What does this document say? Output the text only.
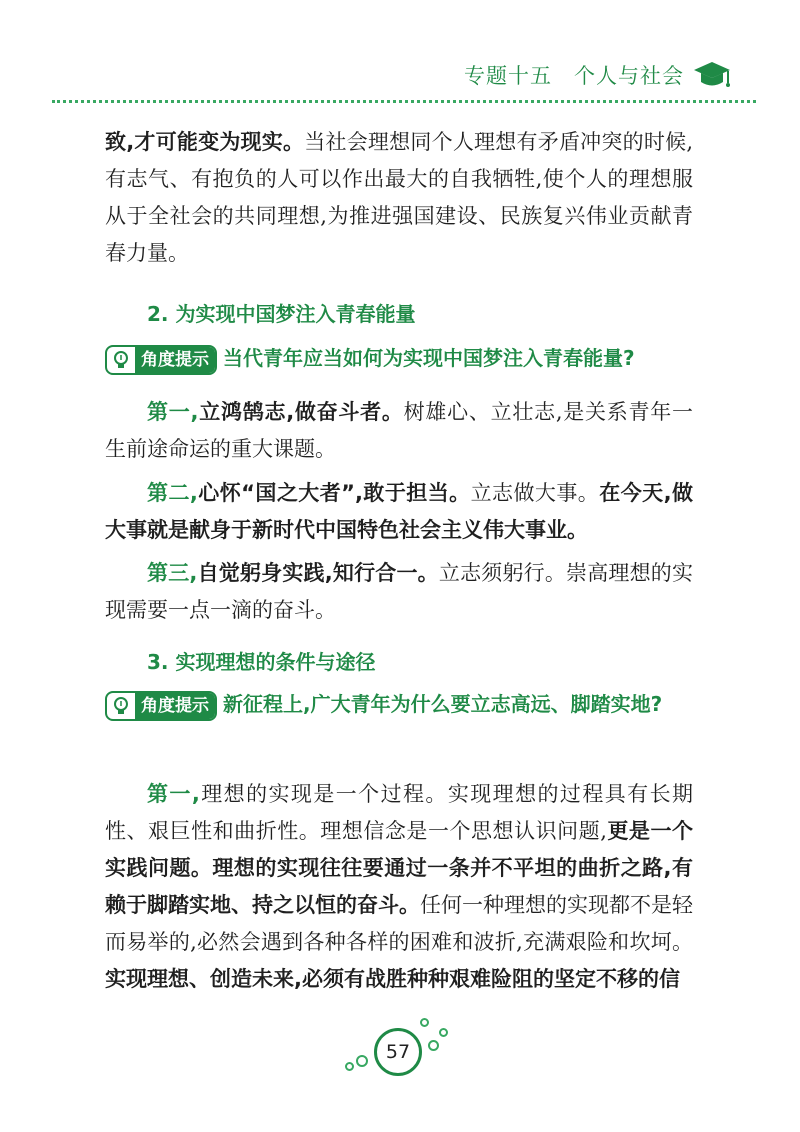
专题十五　个人与社会

致,才可能变为现实。当社会理想同个人理想有矛盾冲突的时候,有志气、有抱负的人可以作出最大的自我牺牲,使个人的理想服从于全社会的共同理想,为推进强国建设、民族复兴伟业贡献青春力量。

2. 为实现中国梦注入青春能量
角度提示 当代青年应当如何为实现中国梦注入青春能量?

第一,立鸿鹄志,做奋斗者。树雄心、立壮志,是关系青年一生前途命运的重大课题。

第二,心怀“国之大者”,敢于担当。立志做大事。在今天,做大事就是献身于新时代中国特色社会主义伟大事业。

第三,自觉躬身实践,知行合一。立志须躬行。崇高理想的实现需要一点一滴的奋斗。

3. 实现理想的条件与途径
角度提示 新征程上,广大青年为什么要立志高远、脚踏实地?

第一,理想的实现是一个过程。实现理想的过程具有长期性、艰巨性和曲折性。理想信念是一个思想认识问题,更是一个实践问题。理想的实现往往要通过一条并不平坦的曲折之路,有赖于脚踏实地、持之以恒的奋斗。任何一种理想的实现都不是轻而易举的,必然会遇到各种各样的困难和波折,充满艰险和坎坷。实现理想、创造未来,必须有战胜种种艰难险阻的坚定不移的信

57
